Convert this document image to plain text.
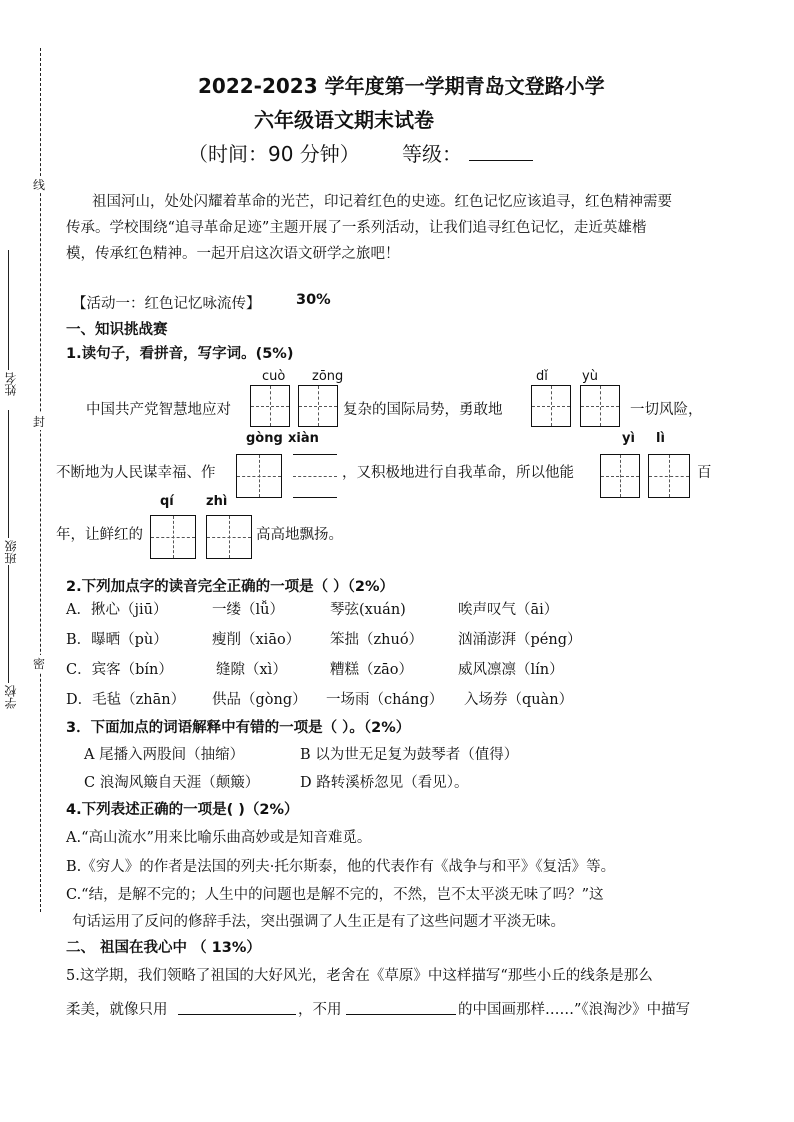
线
封
密
姓名
班级
学校
2022-2023 学年度第一学期青岛文登路小学
六年级语文期末试卷
（时间：90 分钟） 等级：
祖国河山，处处闪耀着革命的光芒，印记着红色的史迹。红色记忆应该追寻，红色精神需要
传承。学校围绕“追寻革命足迹”主题开展了一系列活动，让我们追寻红色记忆，走近英雄楷
模，传承红色精神。一起开启这次语文研学之旅吧！
【活动一：红色记忆咏流传】 30%
一、知识挑战赛
1.读句子，看拼音，写字词。(5%)
cuò zōng	dǐ	yù
中国共产党智慧地应对	复杂的国际局势，勇敢地	一切风险，
gòng xiàn	yì lì
不断地为人民谋幸福、作	，又积极地进行自我革命，所以他能	百
qí zhì
年，让鲜红的	高高地飘扬。
2.下列加点字的读音完全正确的一项是（ ）（2%）
A．揪心（jiū）	一缕（lǚ）	琴弦(xuán)	唉声叹气（āi）
B．曝晒（pù）	瘦削（xiāo） 笨拙（zhuó） 汹涌澎湃（péng）
C．宾客（bín）	缝隙（xì）	糟糕（zāo）	威风凛凛（lín）
D．毛毡（zhān） 供品（gòng） 一场雨（cháng） 入场券（quàn）
3．下面加点的词语解释中有错的一项是（ ）。（2%）
A 尾播入两股间（抽缩）	B 以为世无足复为鼓琴者（值得）
C 浪淘风簸自天涯（颠簸）	D 路转溪桥忽见（看见）。
4.下列表述正确的一项是( )（2%）
A.“高山流水”用来比喻乐曲高妙或是知音难觅。
B.《穷人》的作者是法国的列夫·托尔斯泰，他的代表作有《战争与和平》《复活》等。
C.“结，是解不完的；人生中的问题也是解不完的，不然，岂不太平淡无味了吗？”这
句话运用了反问的修辞手法，突出强调了人生正是有了这些问题才平淡无味。
二、 祖国在我心中 （ 13%）
5.这学期，我们领略了祖国的大好风光，老舍在《草原》中这样描写“那些小丘的线条是那么
柔美，就像只用	，不用	的中国画那样……”《浪淘沙》中描写
